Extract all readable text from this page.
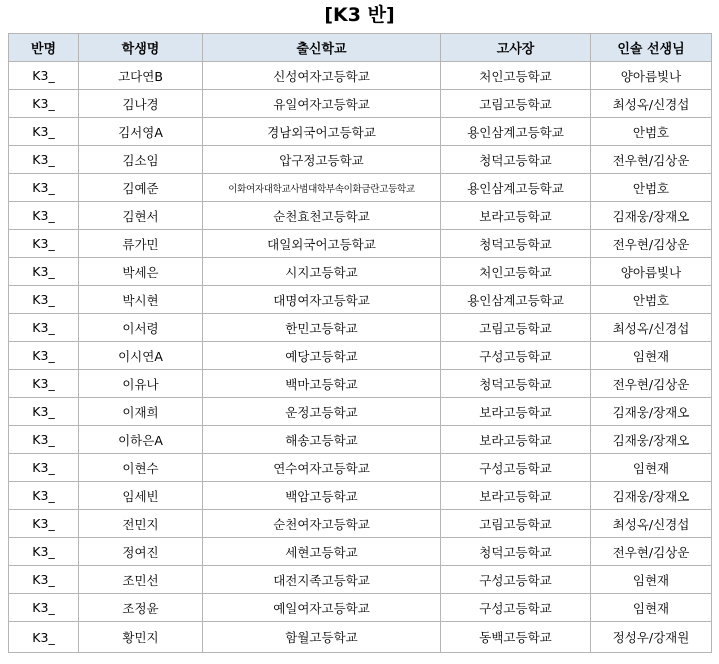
[K3 반]
반명	학생명	출신학교	고사장	인솔 선생님
K3_	고다연B	신성여자고등학교	처인고등학교	양아름빛나
K3_	김나경	유일여자고등학교	고림고등학교	최성옥/신경섭
K3_	김서영A	경남외국어고등학교	용인삼계고등학교	안범호
K3_	김소임	압구정고등학교	청덕고등학교	전우현/김상운
K3_	김예준	이화여자대학교사범대학부속이화금란고등학교	용인삼계고등학교	안범호
K3_	김현서	순천효천고등학교	보라고등학교	김재웅/장재오
K3_	류가민	대일외국어고등학교	청덕고등학교	전우현/김상운
K3_	박세은	시지고등학교	처인고등학교	양아름빛나
K3_	박시현	대명여자고등학교	용인삼계고등학교	안범호
K3_	이서령	한민고등학교	고림고등학교	최성옥/신경섭
K3_	이시연A	예당고등학교	구성고등학교	임현재
K3_	이유나	백마고등학교	청덕고등학교	전우현/김상운
K3_	이재희	운정고등학교	보라고등학교	김재웅/장재오
K3_	이하은A	해송고등학교	보라고등학교	김재웅/장재오
K3_	이현수	연수여자고등학교	구성고등학교	임현재
K3_	임세빈	백암고등학교	보라고등학교	김재웅/장재오
K3_	전민지	순천여자고등학교	고림고등학교	최성옥/신경섭
K3_	정여진	세현고등학교	청덕고등학교	전우현/김상운
K3_	조민선	대전지족고등학교	구성고등학교	임현재
K3_	조정윤	예일여자고등학교	구성고등학교	임현재
K3_	황민지	함월고등학교	동백고등학교	정성우/강재원
